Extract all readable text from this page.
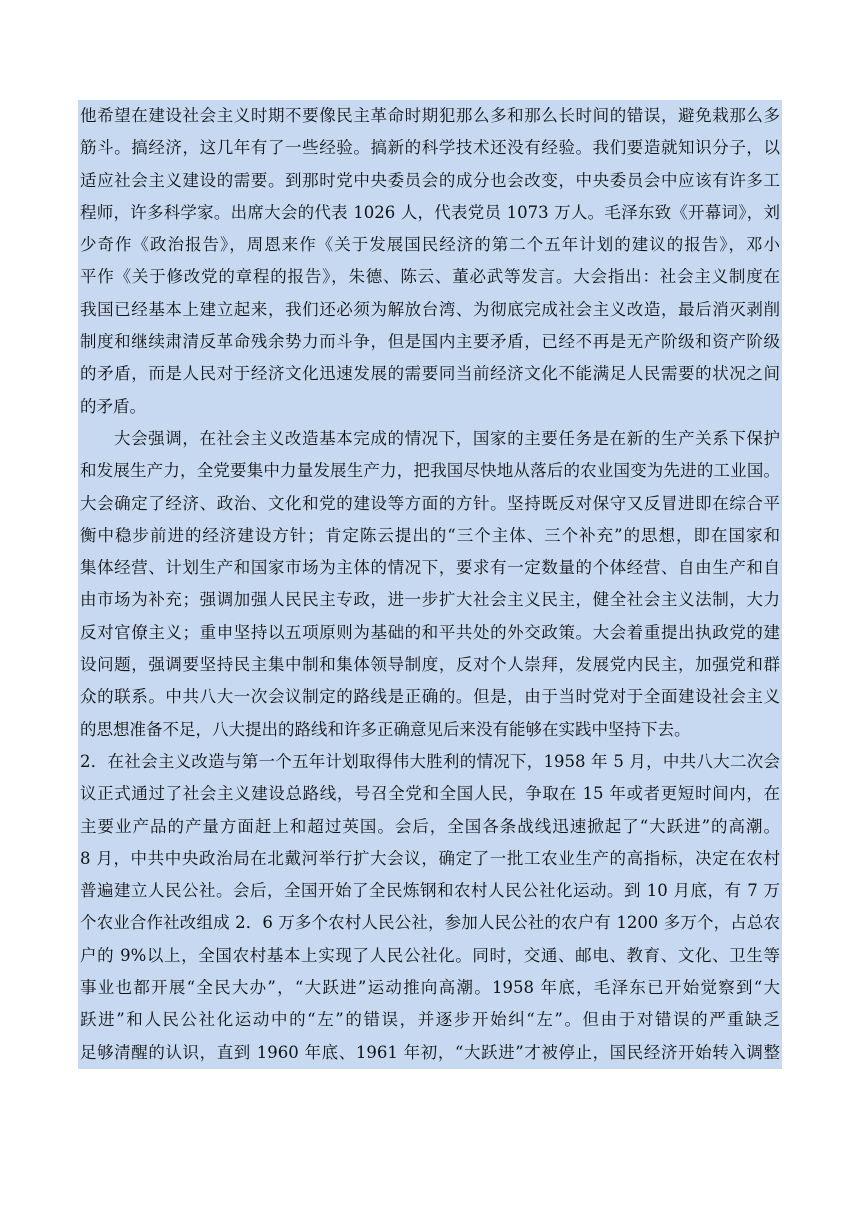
他希望在建设社会主义时期不要像民主革命时期犯那么多和那么长时间的错误，避免栽那么多
筋斗。搞经济，这几年有了一些经验。搞新的科学技术还没有经验。我们要造就知识分子，以
适应社会主义建设的需要。到那时党中央委员会的成分也会改变，中央委员会中应该有许多工
程师，许多科学家。出席大会的代表 1026 人，代表党员 1073 万人。毛泽东致《开幕词》，刘
少奇作《政治报告》，周恩来作《关于发展国民经济的第二个五年计划的建议的报告》，邓小
平作《关于修改党的章程的报告》，朱德、陈云、董必武等发言。大会指出：社会主义制度在
我国已经基本上建立起来，我们还必须为解放台湾、为彻底完成社会主义改造，最后消灭剥削
制度和继续肃清反革命残余势力而斗争，但是国内主要矛盾，已经不再是无产阶级和资产阶级
的矛盾，而是人民对于经济文化迅速发展的需要同当前经济文化不能满足人民需要的状况之间
的矛盾。
大会强调，在社会主义改造基本完成的情况下，国家的主要任务是在新的生产关系下保护
和发展生产力，全党要集中力量发展生产力，把我国尽快地从落后的农业国变为先进的工业国。
大会确定了经济、政治、文化和党的建设等方面的方针。坚持既反对保守又反冒进即在综合平
衡中稳步前进的经济建设方针；肯定陈云提出的“三个主体、三个补充”的思想，即在国家和
集体经营、计划生产和国家市场为主体的情况下，要求有一定数量的个体经营、自由生产和自
由市场为补充；强调加强人民民主专政，进一步扩大社会主义民主，健全社会主义法制，大力
反对官僚主义；重申坚持以五项原则为基础的和平共处的外交政策。大会着重提出执政党的建
设问题，强调要坚持民主集中制和集体领导制度，反对个人崇拜，发展党内民主，加强党和群
众的联系。中共八大一次会议制定的路线是正确的。但是，由于当时党对于全面建设社会主义
的思想准备不足，八大提出的路线和许多正确意见后来没有能够在实践中坚持下去。
2．在社会主义改造与第一个五年计划取得伟大胜利的情况下，1958 年 5 月，中共八大二次会
议正式通过了社会主义建设总路线，号召全党和全国人民，争取在 15 年或者更短时间内，在
主要业产品的产量方面赶上和超过英国。会后，全国各条战线迅速掀起了“大跃进”的高潮。
8 月，中共中央政治局在北戴河举行扩大会议，确定了一批工农业生产的高指标，决定在农村
普遍建立人民公社。会后，全国开始了全民炼钢和农村人民公社化运动。到 10 月底，有 7 万
个农业合作社改组成 2．6 万多个农村人民公社，参加人民公社的农户有 1200 多万个，占总农
户的 9%以上，全国农村基本上实现了人民公社化。同时，交通、邮电、教育、文化、卫生等
事业也都开展“全民大办”，“大跃进”运动推向高潮。1958 年底，毛泽东已开始觉察到“大
跃进”和人民公社化运动中的“左”的错误，并逐步开始纠“左”。但由于对错误的严重缺乏
足够清醒的认识，直到 1960 年底、1961 年初，“大跃进”才被停止，国民经济开始转入调整
